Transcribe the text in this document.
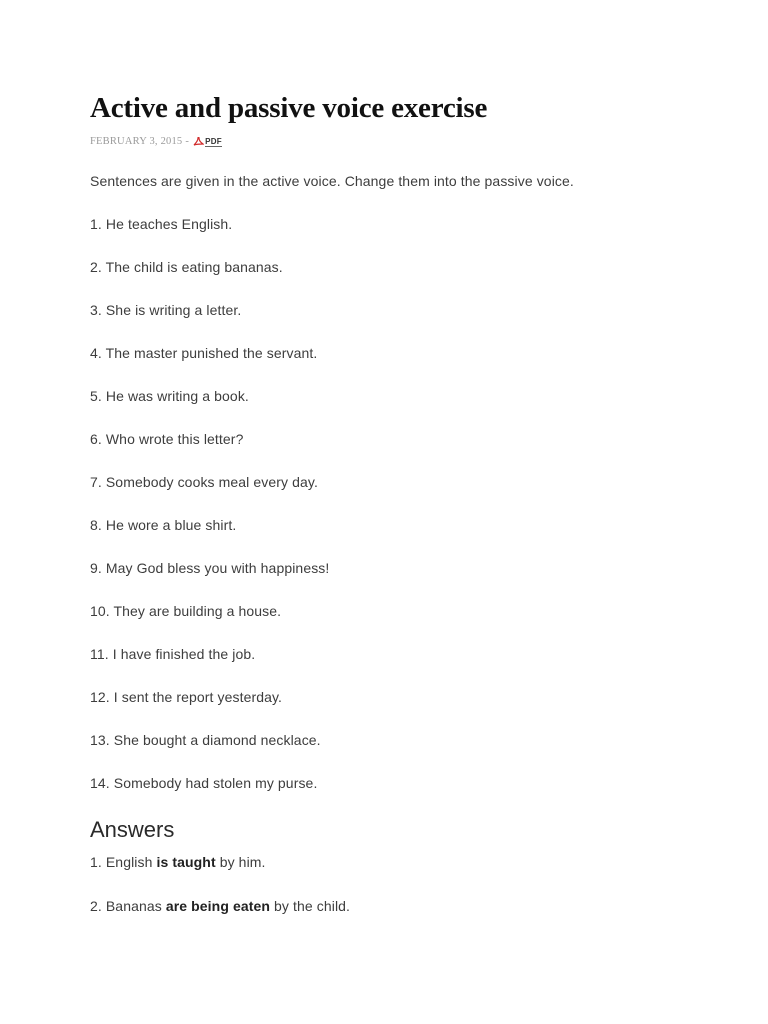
Active and passive voice exercise
FEBRUARY 3, 2015 - PDF

Sentences are given in the active voice. Change them into the passive voice.

1. He teaches English.

2. The child is eating bananas.

3. She is writing a letter.

4. The master punished the servant.

5. He was writing a book.

6. Who wrote this letter?

7. Somebody cooks meal every day.

8. He wore a blue shirt.

9. May God bless you with happiness!

10. They are building a house.

11. I have finished the job.

12. I sent the report yesterday.

13. She bought a diamond necklace.

14. Somebody had stolen my purse.

Answers

1. English is taught by him.

2. Bananas are being eaten by the child.
